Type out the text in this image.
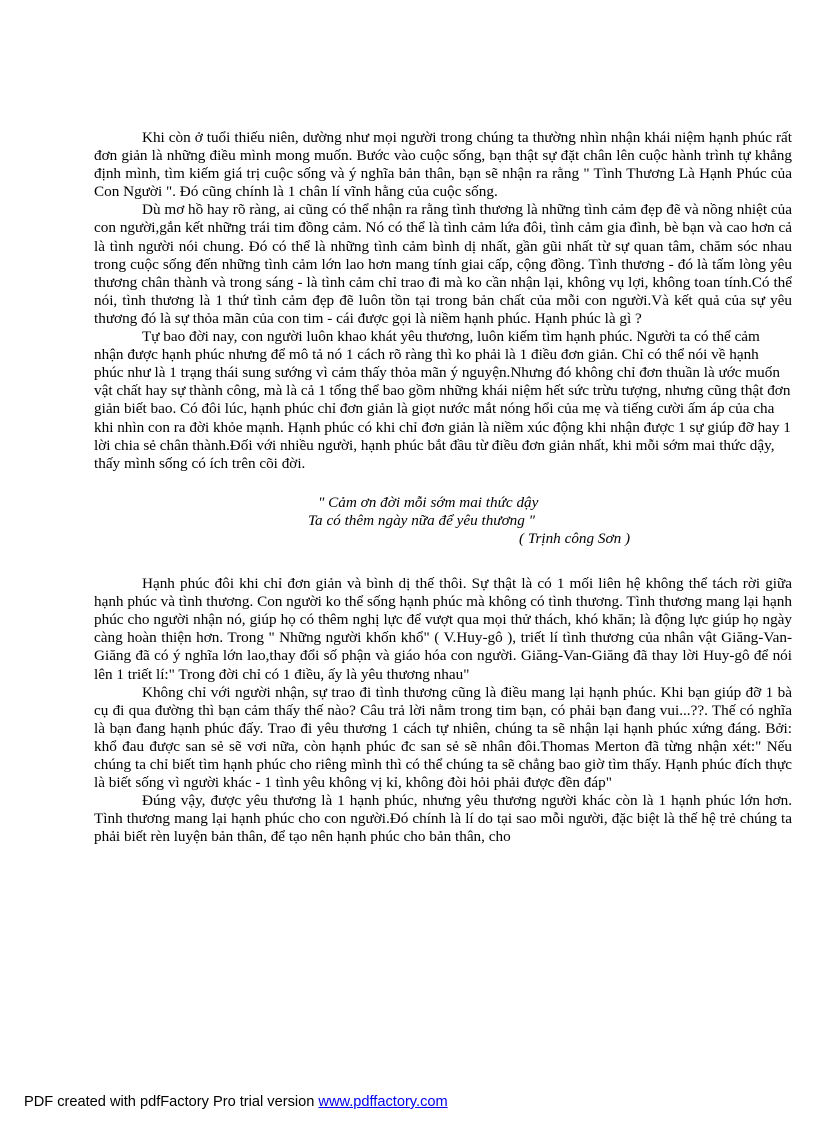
Khi còn ở tuổi thiếu niên, dường như mọi người trong chúng ta thường nhìn nhận khái niệm hạnh phúc rất đơn giản là những điều mình mong muốn. Bước vào cuộc sống, bạn thật sự đặt chân lên cuộc hành trình tự khẳng định mình, tìm kiếm giá trị cuộc sống và ý nghĩa bản thân, bạn sẽ nhận ra rằng " Tình Thương Là Hạnh Phúc của Con Người ". Đó cũng chính là 1 chân lí vĩnh hằng của cuộc sống.

Dù mơ hồ hay rõ ràng, ai cũng có thể nhận ra rằng tình thương là những tình cảm đẹp đẽ và nồng nhiệt của con người,gắn kết những trái tim đồng cảm. Nó có thể là tình cảm lứa đôi, tình cảm gia đình, bè bạn và cao hơn cả là tình người nói chung. Đó có thể là những tình cảm bình dị nhất, gần gũi nhất từ sự quan tâm, chăm sóc nhau trong cuộc sống đến những tình cảm lớn lao hơn mang tính giai cấp, cộng đồng. Tình thương - đó là tấm lòng yêu thương chân thành và trong sáng - là tình cảm chỉ trao đi mà ko cần nhận lại, không vụ lợi, không toan tính.Có thể nói, tình thương là 1 thứ tình cảm đẹp đẽ luôn tồn tại trong bản chất của mỗi con người.Và kết quả của sự yêu thương đó là sự thỏa mãn của con tim - cái được gọi là niềm hạnh phúc. Hạnh phúc là gì ?

Tự bao đời nay, con người luôn khao khát yêu thương, luôn kiếm tìm hạnh phúc. Người ta có thể cảm nhận được hạnh phúc nhưng để mô tả nó 1 cách rõ ràng thì ko phải là 1 điều đơn giản. Chỉ có thể nói về hạnh phúc như là 1 trạng thái sung sướng vì cảm thấy thỏa mãn ý nguyện.Nhưng đó không chỉ đơn thuần là ước muốn vật chất hay sự thành công, mà là cả 1 tổng thể bao gồm những khái niệm hết sức trừu tượng, nhưng cũng thật đơn giản biết bao. Có đôi lúc, hạnh phúc chỉ đơn giản là giọt nước mắt nóng hổi của mẹ và tiếng cười ấm áp của cha khi nhìn con ra đời khỏe mạnh. Hạnh phúc có khi chỉ đơn giản là niềm xúc động khi nhận được 1 sự giúp đỡ hay 1 lời chia sẻ chân thành.Đối với nhiều người, hạnh phúc bắt đầu từ điều đơn giản nhất, khi mỗi sớm mai thức dậy, thấy mình sống có ích trên cõi đời.

" Cảm ơn đời mỗi sớm mai thức dậy
Ta có thêm ngày nữa để yêu thương "
( Trịnh công Sơn )

Hạnh phúc đôi khi chỉ đơn giản và bình dị thế thôi. Sự thật là có 1 mối liên hệ không thể tách rời giữa hạnh phúc và tình thương. Con người ko thể sống hạnh phúc mà không có tình thương. Tình thương mang lại hạnh phúc cho người nhận nó, giúp họ có thêm nghị lực để vượt qua mọi thử thách, khó khăn; là động lực giúp họ ngày càng hoàn thiện hơn. Trong " Những người khốn khổ" ( V.Huy-gô ), triết lí tình thương của nhân vật Giăng-Van-Giăng đã có ý nghĩa lớn lao,thay đổi số phận và giáo hóa con người. Giăng-Van-Giăng đã thay lời Huy-gô để nói lên 1 triết lí:" Trong đời chỉ có 1 điều, ấy là yêu thương nhau"

Không chỉ với người nhận, sự trao đi tình thương cũng là điều mang lại hạnh phúc. Khi bạn giúp đỡ 1 bà cụ đi qua đường thì bạn cảm thấy thế nào? Câu trả lời nằm trong tim bạn, có phải bạn đang vui...??. Thế có nghĩa là bạn đang hạnh phúc đấy. Trao đi yêu thương 1 cách tự nhiên, chúng ta sẽ nhận lại hạnh phúc xứng đáng. Bởi: khổ đau được san sẻ sẽ vơi nữa, còn hạnh phúc đc san sẻ sẽ nhân đôi.Thomas Merton đã từng nhận xét:" Nếu chúng ta chỉ biết tìm hạnh phúc cho riêng mình thì có thể chúng ta sẽ chẳng bao giờ tìm thấy. Hạnh phúc đích thực là biết sống vì người khác - 1 tình yêu không vị kỉ, không đòi hỏi phải được đền đáp"

Đúng vậy, được yêu thương là 1 hạnh phúc, nhưng yêu thương người khác còn là 1 hạnh phúc lớn hơn. Tình thương mang lại hạnh phúc cho con người.Đó chính là lí do tại sao mỗi người, đặc biệt là thế hệ trẻ chúng ta phải biết rèn luyện bản thân, để tạo nên hạnh phúc cho bản thân, cho

PDF created with pdfFactory Pro trial version www.pdffactory.com
